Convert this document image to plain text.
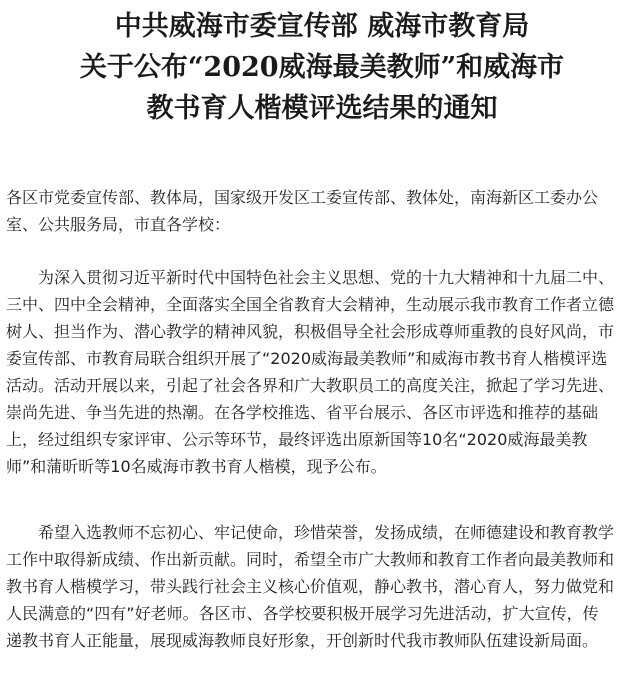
中共威海市委宣传部 威海市教育局
关于公布“2020威海最美教师”和威海市
教书育人楷模评选结果的通知
各区市党委宣传部、教体局，国家级开发区工委宣传部、教体处，南海新区工委办公
室、公共服务局，市直各学校：
为深入贯彻习近平新时代中国特色社会主义思想、党的十九大精神和十九届二中、
三中、四中全会精神，全面落实全国全省教育大会精神，生动展示我市教育工作者立德
树人、担当作为、潜心教学的精神风貌，积极倡导全社会形成尊师重教的良好风尚，市
委宣传部、市教育局联合组织开展了“2020威海最美教师”和威海市教书育人楷模评选
活动。活动开展以来，引起了社会各界和广大教职员工的高度关注，掀起了学习先进、
崇尚先进、争当先进的热潮。在各学校推选、省平台展示、各区市评选和推荐的基础
上，经过组织专家评审、公示等环节，最终评选出原新国等10名“2020威海最美教
师”和蒲昕昕等10名威海市教书育人楷模，现予公布。
希望入选教师不忘初心、牢记使命，珍惜荣誉，发扬成绩，在师德建设和教育教学
工作中取得新成绩、作出新贡献。同时，希望全市广大教师和教育工作者向最美教师和
教书育人楷模学习，带头践行社会主义核心价值观，静心教书，潜心育人，努力做党和
人民满意的“四有”好老师。各区市、各学校要积极开展学习先进活动，扩大宣传，传
递教书育人正能量，展现威海教师良好形象，开创新时代我市教师队伍建设新局面。
